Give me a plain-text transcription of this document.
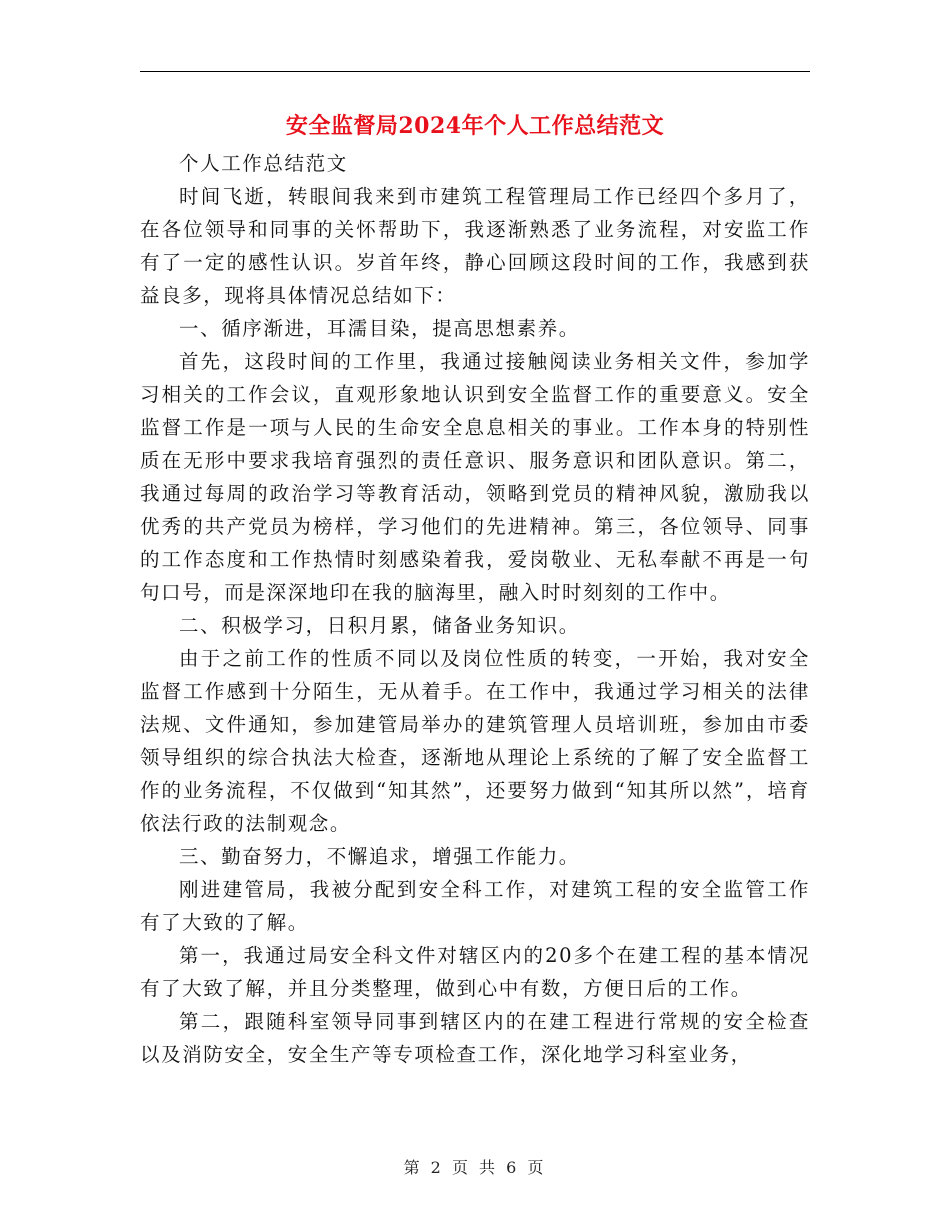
安全监督局2024年个人工作总结范文

个人工作总结范文

时间飞逝，转眼间我来到市建筑工程管理局工作已经四个多月了，在各位领导和同事的关怀帮助下，我逐渐熟悉了业务流程，对安监工作有了一定的感性认识。岁首年终，静心回顾这段时间的工作，我感到获益良多，现将具体情况总结如下：

一、循序渐进，耳濡目染，提高思想素养。

首先，这段时间的工作里，我通过接触阅读业务相关文件，参加学习相关的工作会议，直观形象地认识到安全监督工作的重要意义。安全监督工作是一项与人民的生命安全息息相关的事业。工作本身的特别性质在无形中要求我培育强烈的责任意识、服务意识和团队意识。第二，我通过每周的政治学习等教育活动，领略到党员的精神风貌，激励我以优秀的共产党员为榜样，学习他们的先进精神。第三，各位领导、同事的工作态度和工作热情时刻感染着我，爱岗敬业、无私奉献不再是一句句口号，而是深深地印在我的脑海里，融入时时刻刻的工作中。

二、积极学习，日积月累，储备业务知识。

由于之前工作的性质不同以及岗位性质的转变，一开始，我对安全监督工作感到十分陌生，无从着手。在工作中，我通过学习相关的法律法规、文件通知，参加建管局举办的建筑管理人员培训班，参加由市委领导组织的综合执法大检查，逐渐地从理论上系统的了解了安全监督工作的业务流程，不仅做到“知其然”，还要努力做到“知其所以然”，培育依法行政的法制观念。

三、勤奋努力，不懈追求，增强工作能力。

刚进建管局，我被分配到安全科工作，对建筑工程的安全监管工作有了大致的了解。

第一，我通过局安全科文件对辖区内的20多个在建工程的基本情况有了大致了解，并且分类整理，做到心中有数，方便日后的工作。

第二，跟随科室领导同事到辖区内的在建工程进行常规的安全检查以及消防安全，安全生产等专项检查工作，深化地学习科室业务，

第 2 页 共 6 页
